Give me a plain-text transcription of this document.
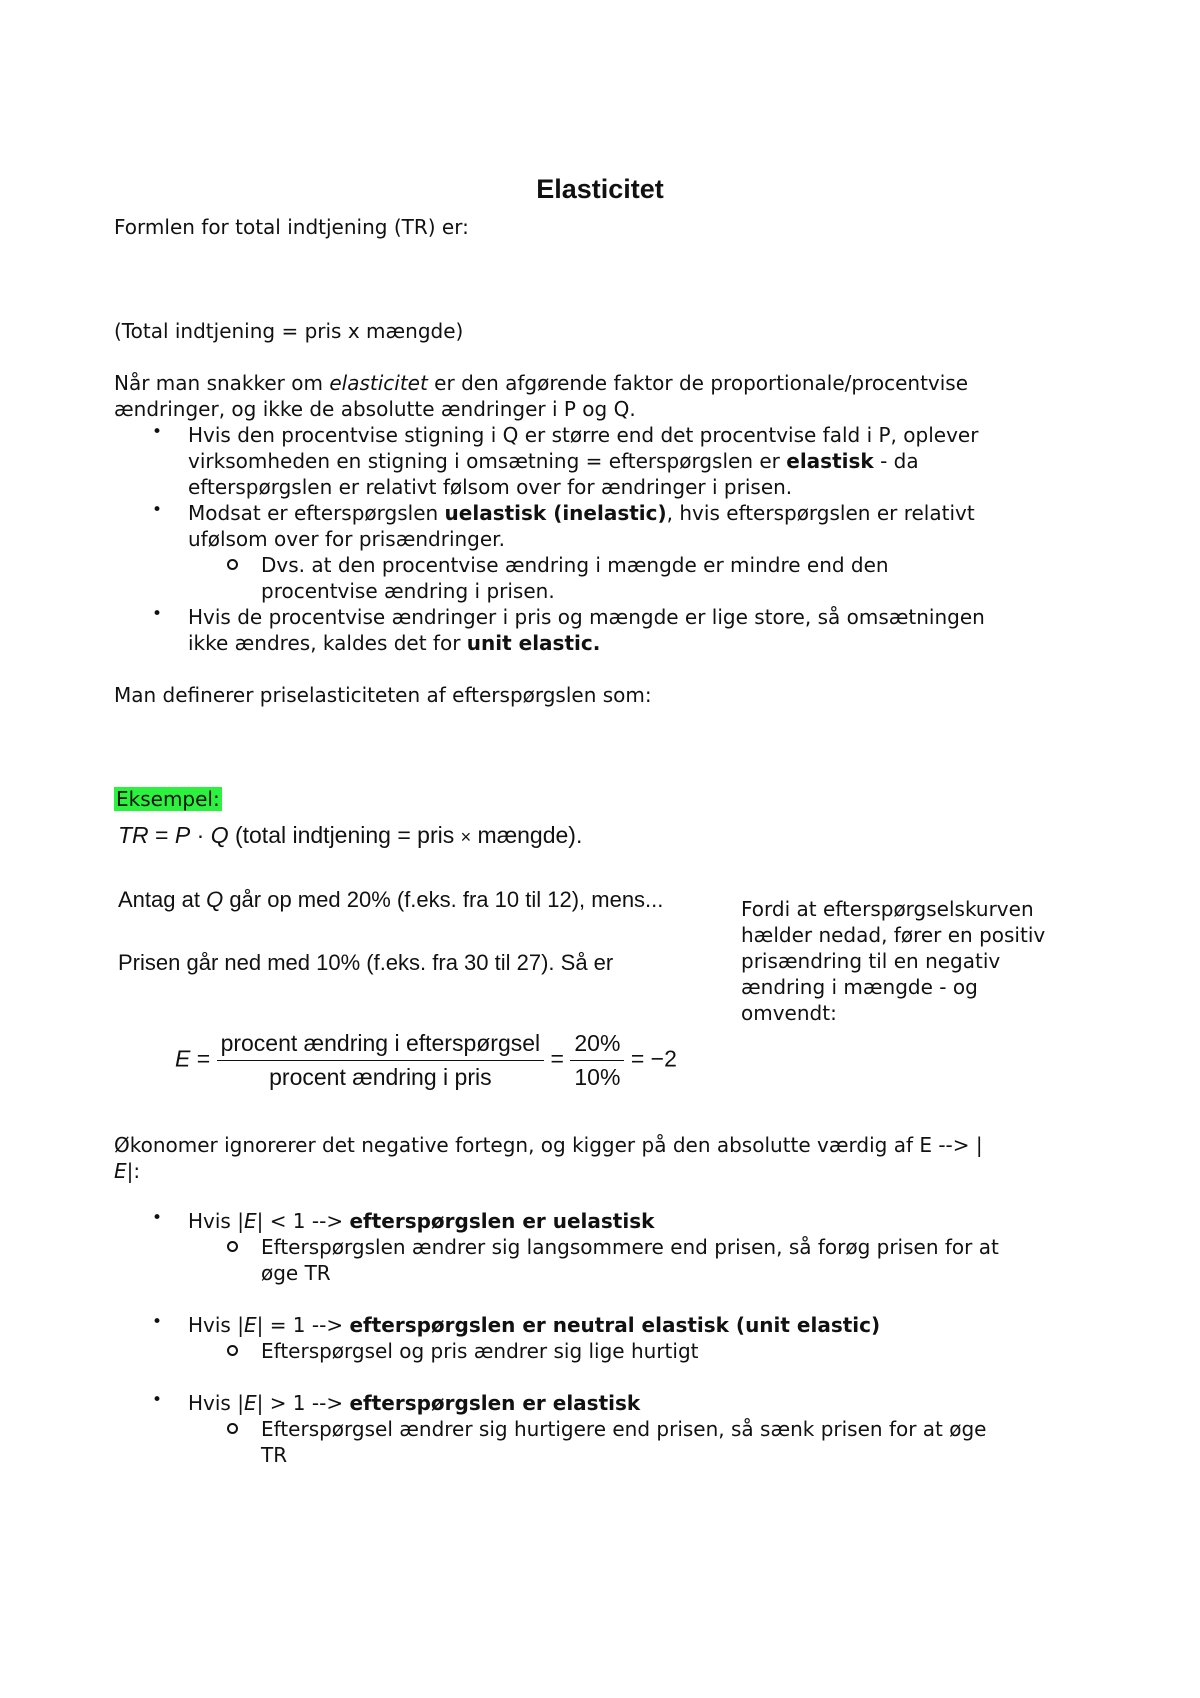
Elasticitet
Formlen for total indtjening (TR) er:
(Total indtjening = pris x mængde)
Når man snakker om elasticitet er den afgørende faktor de proportionale/procentvise
ændringer, og ikke de absolutte ændringer i P og Q.
• Hvis den procentvise stigning i Q er større end det procentvise fald i P, oplever
virksomheden en stigning i omsætning = efterspørgslen er elastisk - da
efterspørgslen er relativt følsom over for ændringer i prisen.
• Modsat er efterspørgslen uelastisk (inelastic), hvis efterspørgslen er relativt
ufølsom over for prisændringer.
Dvs. at den procentvise ændring i mængde er mindre end den
procentvise ændring i prisen.
• Hvis de procentvise ændringer i pris og mængde er lige store, så omsætningen
ikke ændres, kaldes det for unit elastic.
Man definerer priselasticiteten af efterspørgslen som:
Eksempel:
TR = P · Q (total indtjening = pris × mængde).
Antag at Q går op med 20% (f.eks. fra 10 til 12), mens...
Prisen går ned med 10% (f.eks. fra 30 til 27). Så er
$E = \frac{\text{procent ændring i efterspørgsel}}{\text{procent ændring i pris}} = \frac{20\%}{10\%} = -2$
Fordi at efterspørgselskurven
hælder nedad, fører en positiv
prisændring til en negativ
ændring i mængde - og
omvendt:
Økonomer ignorerer det negative fortegn, og kigger på den absolutte værdig af E --> |
E|:
• Hvis |E| < 1 --> efterspørgslen er uelastisk
Efterspørgslen ændrer sig langsommere end prisen, så forøg prisen for at
øge TR
• Hvis |E| = 1 --> efterspørgslen er neutral elastisk (unit elastic)
Efterspørgsel og pris ændrer sig lige hurtigt
• Hvis |E| > 1 --> efterspørgslen er elastisk
Efterspørgsel ændrer sig hurtigere end prisen, så sænk prisen for at øge
TR
